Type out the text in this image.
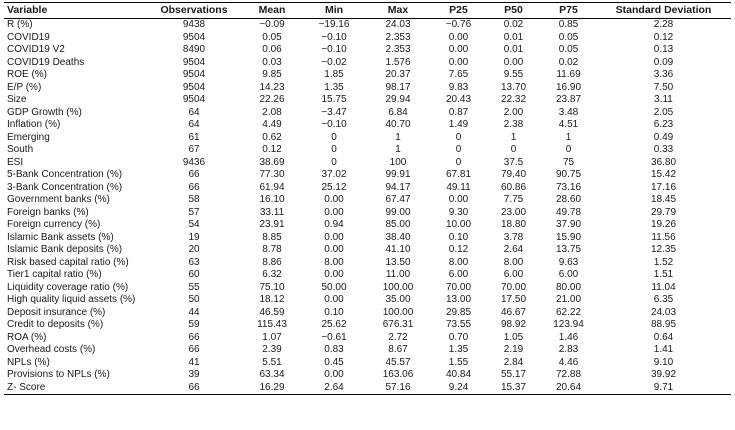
Variable	Observations	Mean	Min	Max	P25	P50	P75	Standard Deviation
R (%)	9438	−0.09	−19.16	24.03	−0.76	0.02	0.85	2.28
COVID19	9504	0.05	−0.10	2.353	0.00	0.01	0.05	0.12
COVID19 V2	8490	0.06	−0.10	2.353	0.00	0.01	0.05	0.13
COVID19 Deaths	9504	0.03	−0.02	1.576	0.00	0.00	0.02	0.09
ROE (%)	9504	9.85	1.85	20.37	7.65	9.55	11.69	3.36
E/P (%)	9504	14.23	1.35	98.17	9.83	13.70	16.90	7.50
Size	9504	22.26	15.75	29.94	20.43	22.32	23.87	3.11
GDP Growth (%)	64	2.08	−3.47	6.84	0.87	2.00	3.48	2.05
Inflation (%)	64	4.49	−0.10	40.70	1.49	2.38	4.51	6.23
Emerging	61	0.62	0	1	0	1	1	0.49
South	67	0.12	0	1	0	0	0	0.33
ESI	9436	38.69	0	100	0	37.5	75	36.80
5-Bank Concentration (%)	66	77.30	37.02	99.91	67.81	79.40	90.75	15.42
3-Bank Concentration (%)	66	61.94	25.12	94.17	49.11	60.86	73.16	17.16
Government banks (%)	58	16.10	0.00	67.47	0.00	7.75	28.60	18.45
Foreign banks (%)	57	33.11	0.00	99.00	9.30	23.00	49.78	29.79
Foreign currency (%)	54	23.91	0.94	85.00	10.00	18.80	37.90	19.26
Islamic Bank assets (%)	19	8.85	0.00	38.40	0.10	3.78	15.90	11.56
Islamic Bank deposits (%)	20	8.78	0.00	41.10	0.12	2.64	13.75	12.35
Risk based capital ratio (%)	63	8.86	8.00	13.50	8.00	8.00	9.63	1.52
Tier1 capital ratio (%)	60	6.32	0.00	11.00	6.00	6.00	6.00	1.51
Liquidity coverage ratio (%)	55	75.10	50.00	100.00	70.00	70.00	80.00	11.04
High quality liquid assets (%)	50	18.12	0.00	35.00	13.00	17.50	21.00	6.35
Deposit insurance (%)	44	46.59	0.10	100.00	29.85	46.67	62.22	24.03
Credit to deposits (%)	59	115.43	25.62	676.31	73.55	98.92	123.94	88.95
ROA (%)	66	1.07	−0.61	2.72	0.70	1.05	1.46	0.64
Overhead costs (%)	66	2.39	0.83	8.67	1.35	2.19	2.83	1.41
NPLs (%)	41	5.51	0.45	45.57	1.55	2.84	4.46	9.10
Provisions to NPLs (%)	39	63.34	0.00	163.06	40.84	55.17	72.88	39.92
Z- Score	66	16.29	2.64	57.16	9.24	15.37	20.64	9.71
